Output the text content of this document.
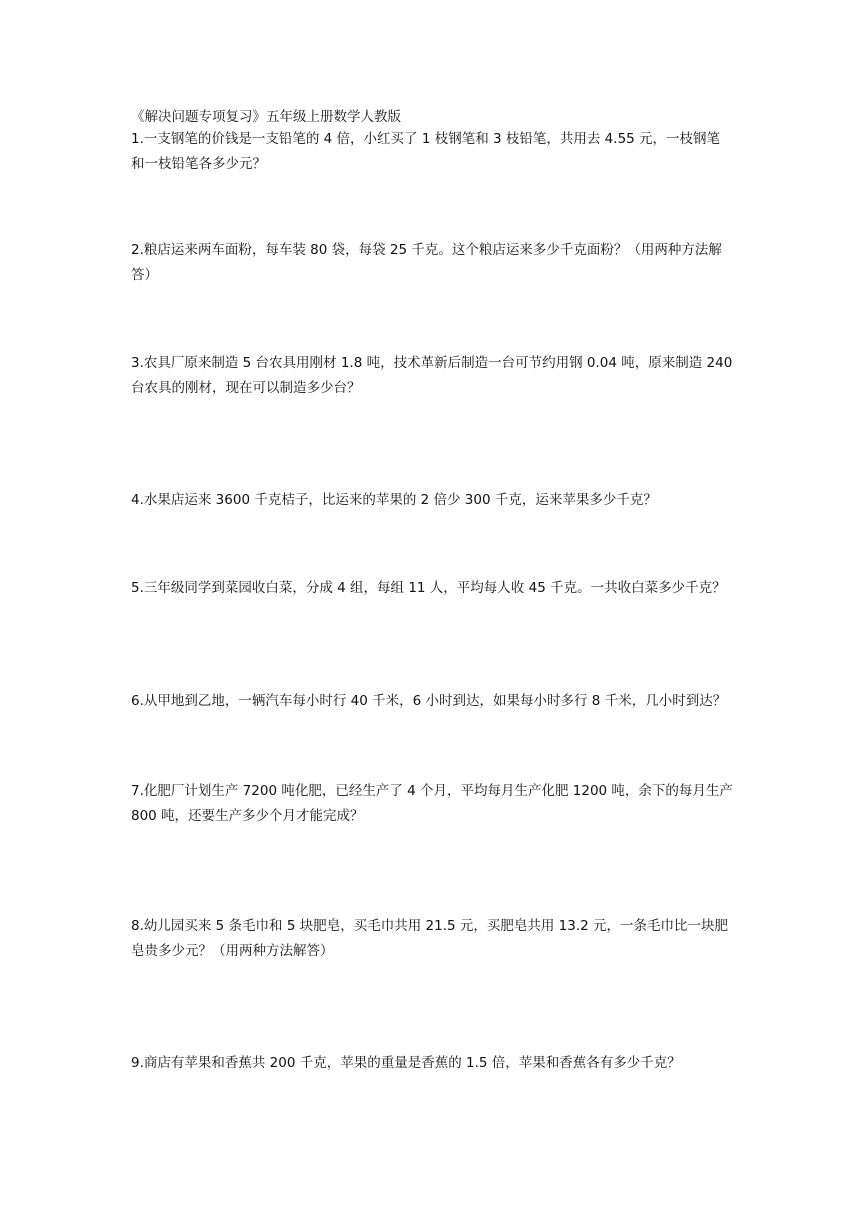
《解决问题专项复习》五年级上册数学人教版

1.一支钢笔的价钱是一支铅笔的 4 倍，小红买了 1 枝钢笔和 3 枝铅笔，共用去 4.55 元，一枝钢笔和一枝铅笔各多少元？

2.粮店运来两车面粉，每车装 80 袋，每袋 25 千克。这个粮店运来多少千克面粉？（用两种方法解答）

3.农具厂原来制造 5 台农具用刚材 1.8 吨，技术革新后制造一台可节约用钢 0.04 吨，原来制造 240 台农具的刚材，现在可以制造多少台？

4.水果店运来 3600 千克桔子，比运来的苹果的 2 倍少 300 千克，运来苹果多少千克？

5.三年级同学到菜园收白菜，分成 4 组，每组 11 人，平均每人收 45 千克。一共收白菜多少千克？

6.从甲地到乙地，一辆汽车每小时行 40 千米，6 小时到达，如果每小时多行 8 千米，几小时到达？

7.化肥厂计划生产 7200 吨化肥，已经生产了 4 个月，平均每月生产化肥 1200 吨，余下的每月生产 800 吨，还要生产多少个月才能完成？

8.幼儿园买来 5 条毛巾和 5 块肥皂，买毛巾共用 21.5 元，买肥皂共用 13.2 元，一条毛巾比一块肥皂贵多少元？（用两种方法解答）

9.商店有苹果和香蕉共 200 千克，苹果的重量是香蕉的 1.5 倍，苹果和香蕉各有多少千克？
